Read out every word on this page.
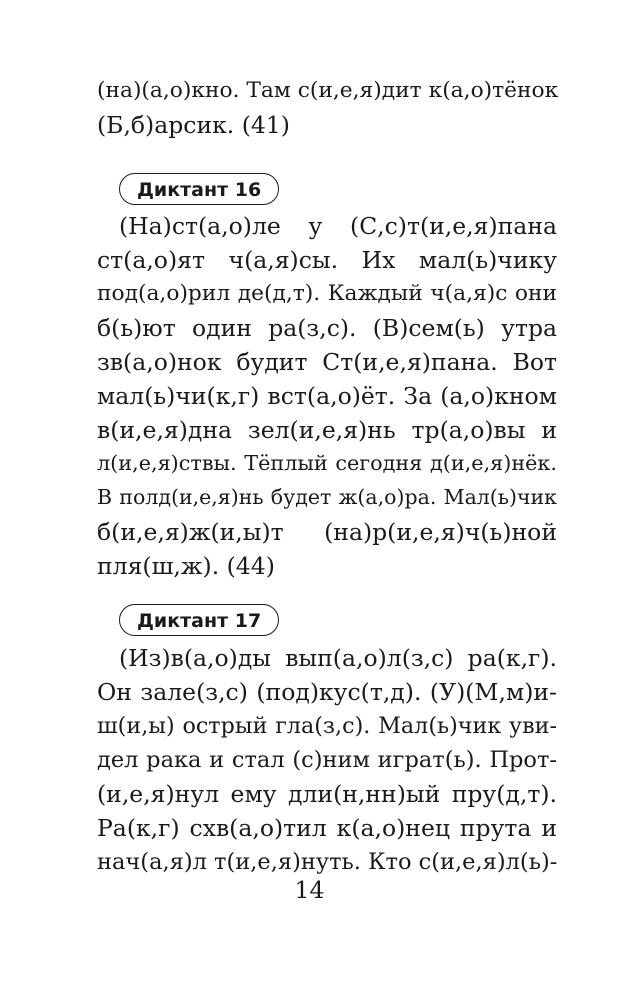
(на)(а,о)кно. Там с(и,е,я)дит к(а,о)тёнок
(Б,б)арсик. (41)
Диктант 16
(На)ст(а,о)ле у (С,с)т(и,е,я)пана
ст(а,о)ят ч(а,я)сы. Их мал(ь)чику
под(а,о)рил де(д,т). Каждый ч(а,я)с они
б(ь)ют один ра(з,с). (В)сем(ь) утра
зв(а,о)нок будит Ст(и,е,я)пана. Вот
мал(ь)чи(к,г) вст(а,о)ёт. За (а,о)кном
в(и,е,я)дна зел(и,е,я)нь тр(а,о)вы и
л(и,е,я)ствы. Тёплый сегодня д(и,е,я)нёк.
В полд(и,е,я)нь будет ж(а,о)ра. Мал(ь)чик
б(и,е,я)ж(и,ы)т (на)р(и,е,я)ч(ь)ной
пля(ш,ж). (44)
Диктант 17
(Из)в(а,о)ды вып(а,о)л(з,с) ра(к,г).
Он зале(з,с) (под)кус(т,д). (У)(М,м)и-
ш(и,ы) острый гла(з,с). Мал(ь)чик уви-
дел рака и стал (с)ним играт(ь). Прот-
(и,е,я)нул ему дли(н,нн)ый пру(д,т).
Ра(к,г) схв(а,о)тил к(а,о)нец прута и
нач(а,я)л т(и,е,я)нуть. Кто с(и,е,я)л(ь)-
14
